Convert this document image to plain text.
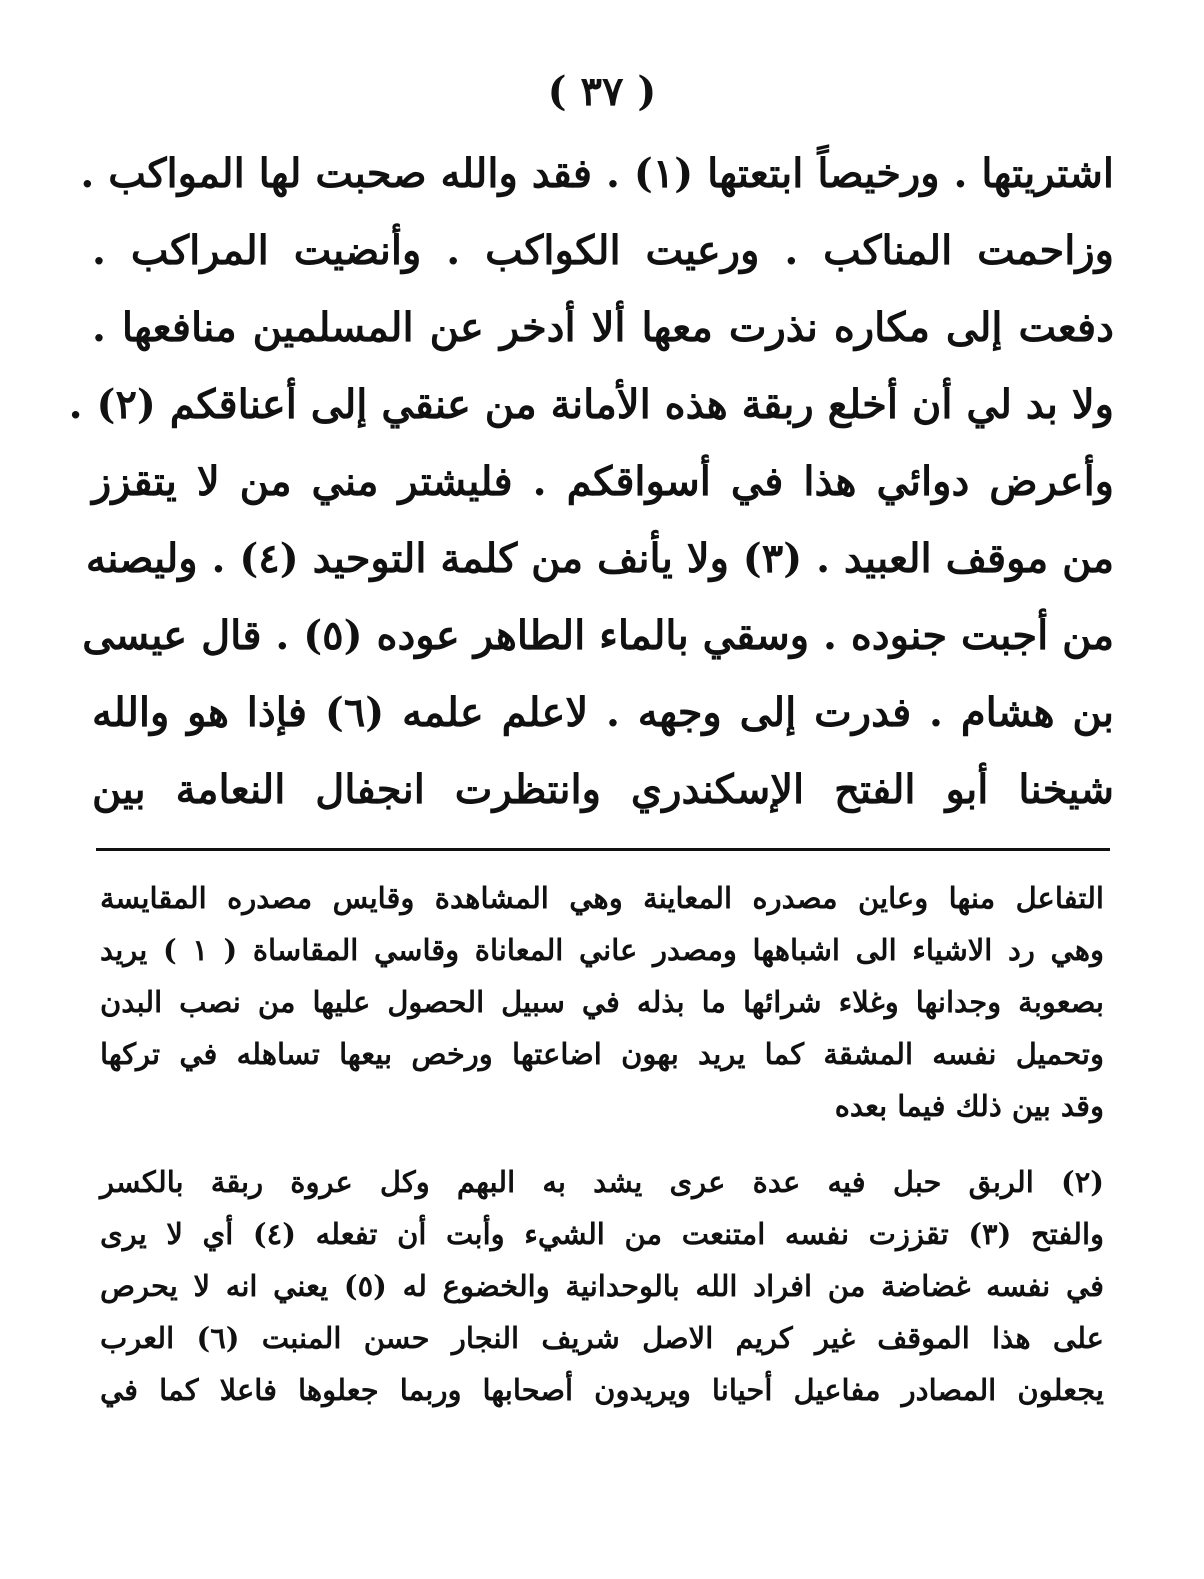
( ٣٧ )
اشتريتها . ورخيصاً ابتعتها (١) . فقد والله صحبت لها المواكب .
وزاحمت المناكب . ورعيت الكواكب . وأنضيت المراكب .
دفعت إلى مكاره نذرت معها ألا أدخر عن المسلمين منافعها .
ولا بد لي أن أخلع ربقة هذه الأمانة من عنقي إلى أعناقكم (٢) .
وأعرض دوائي هذا في أسواقكم . فليشتر مني من لا يتقزز
من موقف العبيد . (٣) ولا يأنف من كلمة التوحيد (٤) . وليصنه
من أجبت جنوده . وسقي بالماء الطاهر عوده (٥) . قال عيسى
بن هشام . فدرت إلى وجهه . لاعلم علمه (٦) فإذا هو والله
شيخنا أبو الفتح الإسكندري وانتظرت انجفال النعامة بين
التفاعل منها وعاين مصدره المعاينة وهي المشاهدة وقايس مصدره المقايسة
وهي رد الاشياء الى اشباهها ومصدر عاني المعاناة وقاسي المقاساة ( ١ ) يريد
بصعوبة وجدانها وغلاء شرائها ما بذله في سبيل الحصول عليها من نصب البدن
وتحميل نفسه المشقة كما يريد بهون اضاعتها ورخص بيعها تساهله في تركها
وقد بين ذلك فيما بعده
(٢) الربق حبل فيه عدة عرى يشد به البهم وكل عروة ربقة بالكسر
والفتح (٣) تقززت نفسه امتنعت من الشيء وأبت أن تفعله (٤) أي لا يرى
في نفسه غضاضة من افراد الله بالوحدانية والخضوع له (٥) يعني انه لا يحرص
على هذا الموقف غير كريم الاصل شريف النجار حسن المنبت (٦) العرب
يجعلون المصادر مفاعيل أحيانا ويريدون أصحابها وربما جعلوها فاعلا كما في
